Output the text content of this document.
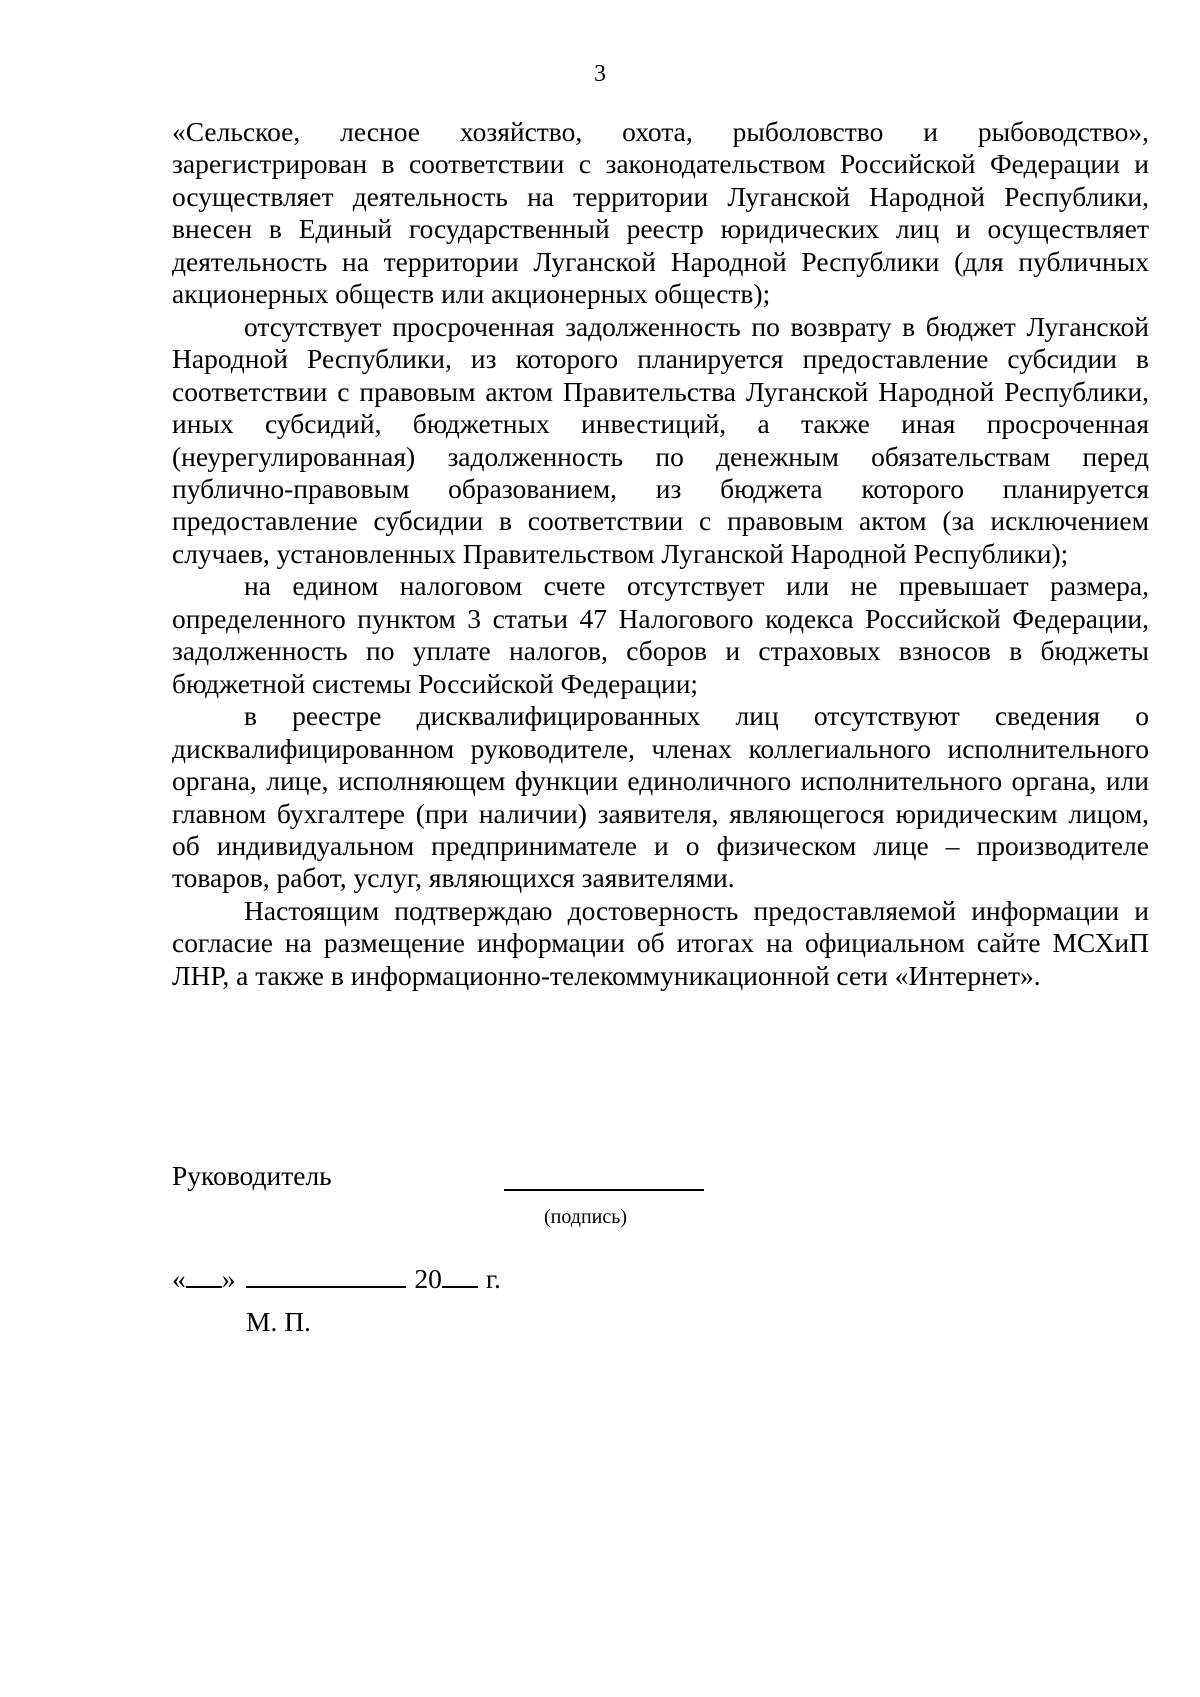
3

«Сельское, лесное хозяйство, охота, рыболовство и рыбоводство», зарегистрирован в соответствии с законодательством Российской Федерации и осуществляет деятельность на территории Луганской Народной Республики, внесен в Единый государственный реестр юридических лиц и осуществляет деятельность на территории Луганской Народной Республики (для публичных акционерных обществ или акционерных обществ);

отсутствует просроченная задолженность по возврату в бюджет Луганской Народной Республики, из которого планируется предоставление субсидии в соответствии с правовым актом Правительства Луганской Народной Республики, иных субсидий, бюджетных инвестиций, а также иная просроченная (неурегулированная) задолженность по денежным обязательствам перед публично-правовым образованием, из бюджета которого планируется предоставление субсидии в соответствии с правовым актом (за исключением случаев, установленных Правительством Луганской Народной Республики);

на едином налоговом счете отсутствует или не превышает размера, определенного пунктом 3 статьи 47 Налогового кодекса Российской Федерации, задолженность по уплате налогов, сборов и страховых взносов в бюджеты бюджетной системы Российской Федерации;

в реестре дисквалифицированных лиц отсутствуют сведения о дисквалифицированном руководителе, членах коллегиального исполнительного органа, лице, исполняющем функции единоличного исполнительного органа, или главном бухгалтере (при наличии) заявителя, являющегося юридическим лицом, об индивидуальном предпринимателе и о физическом лице – производителе товаров, работ, услуг, являющихся заявителями.

Настоящим подтверждаю достоверность предоставляемой информации и согласие на размещение информации об итогах на официальном сайте МСХиП ЛНР, а также в информационно-телекоммуникационной сети «Интернет».

Руководитель
(подпись)
« »	20 г.
М. П.
